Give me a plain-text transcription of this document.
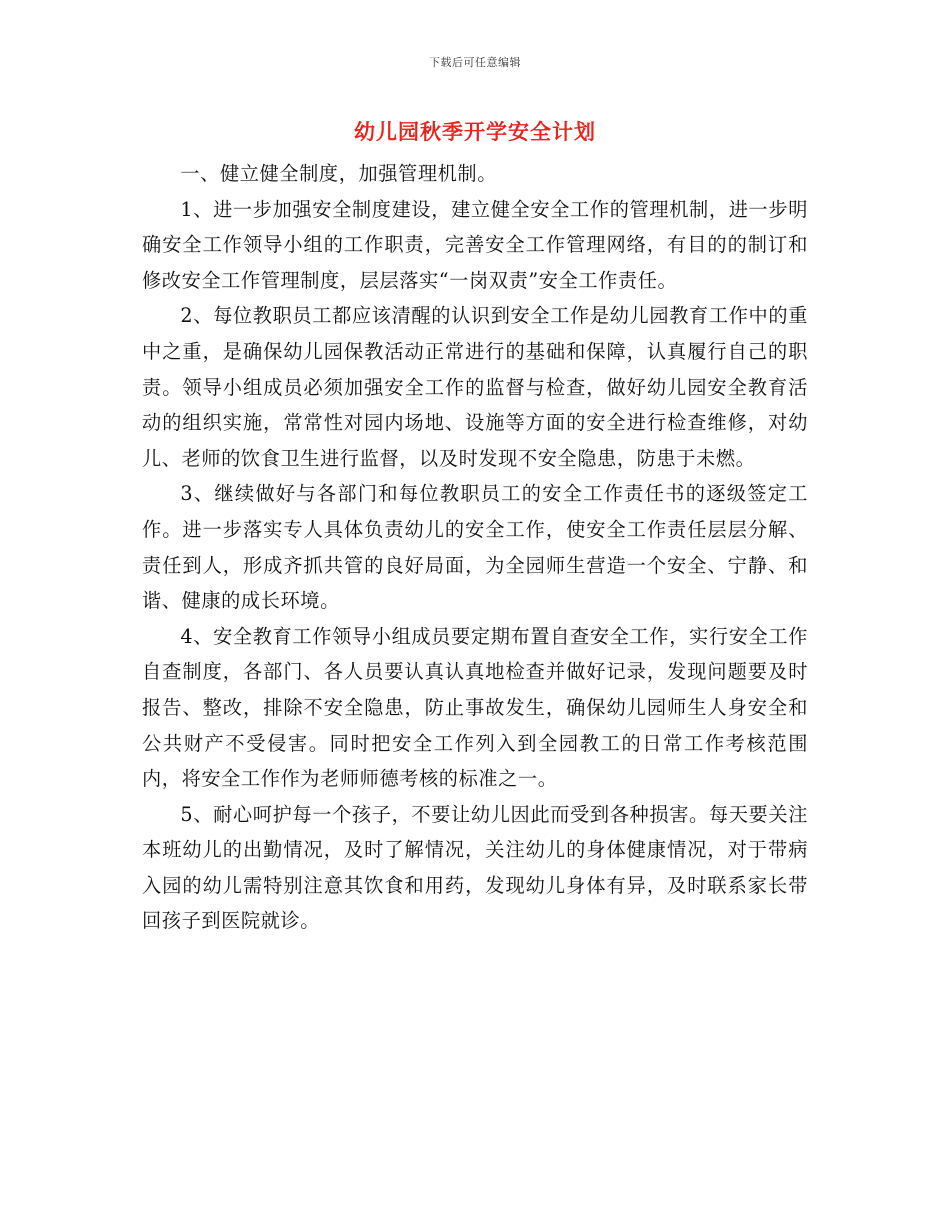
下载后可任意编辑
幼儿园秋季开学安全计划

一、健立健全制度，加强管理机制。

1、进一步加强安全制度建设，建立健全安全工作的管理机制，进一步明确安全工作领导小组的工作职责，完善安全工作管理网络，有目的的制订和修改安全工作管理制度，层层落实“一岗双责”安全工作责任。

2、每位教职员工都应该清醒的认识到安全工作是幼儿园教育工作中的重中之重，是确保幼儿园保教活动正常进行的基础和保障，认真履行自己的职责。领导小组成员必须加强安全工作的监督与检查，做好幼儿园安全教育活动的组织实施，常常性对园内场地、设施等方面的安全进行检查维修，对幼儿、老师的饮食卫生进行监督，以及时发现不安全隐患，防患于未燃。

3、继续做好与各部门和每位教职员工的安全工作责任书的逐级签定工作。进一步落实专人具体负责幼儿的安全工作，使安全工作责任层层分解、责任到人，形成齐抓共管的良好局面，为全园师生营造一个安全、宁静、和谐、健康的成长环境。

4、安全教育工作领导小组成员要定期布置自查安全工作，实行安全工作自查制度，各部门、各人员要认真认真地检查并做好记录，发现问题要及时报告、整改，排除不安全隐患，防止事故发生，确保幼儿园师生人身安全和公共财产不受侵害。同时把安全工作列入到全园教工的日常工作考核范围内，将安全工作作为老师师德考核的标准之一。

5、耐心呵护每一个孩子，不要让幼儿因此而受到各种损害。每天要关注本班幼儿的出勤情况，及时了解情况，关注幼儿的身体健康情况，对于带病入园的幼儿需特别注意其饮食和用药，发现幼儿身体有异，及时联系家长带回孩子到医院就诊。
